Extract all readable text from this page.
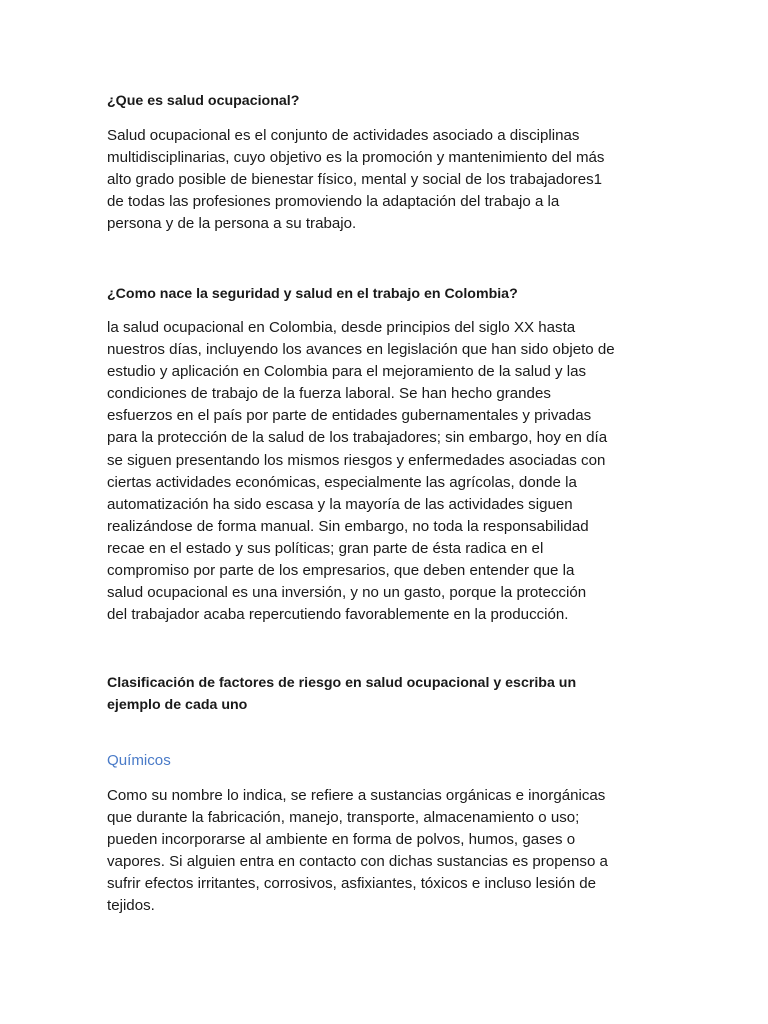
¿Que es salud ocupacional?

Salud ocupacional es el conjunto de actividades asociado a disciplinas
multidisciplinarias, cuyo objetivo es la promoción y mantenimiento del más
alto grado posible de bienestar físico, mental y social de los trabajadores1
de todas las profesiones promoviendo la adaptación del trabajo a la
persona y de la persona a su trabajo.

¿Como nace la seguridad y salud en el trabajo en Colombia?

la salud ocupacional en Colombia, desde principios del siglo XX hasta
nuestros días, incluyendo los avances en legislación que han sido objeto de
estudio y aplicación en Colombia para el mejoramiento de la salud y las
condiciones de trabajo de la fuerza laboral. Se han hecho grandes
esfuerzos en el país por parte de entidades gubernamentales y privadas
para la protección de la salud de los trabajadores; sin embargo, hoy en día
se siguen presentando los mismos riesgos y enfermedades asociadas con
ciertas actividades económicas, especialmente las agrícolas, donde la
automatización ha sido escasa y la mayoría de las actividades siguen
realizándose de forma manual. Sin embargo, no toda la responsabilidad
recae en el estado y sus políticas; gran parte de ésta radica en el
compromiso por parte de los empresarios, que deben entender que la
salud ocupacional es una inversión, y no un gasto, porque la protección
del trabajador acaba repercutiendo favorablemente en la producción.

Clasificación de factores de riesgo en salud ocupacional y escriba un
ejemplo de cada uno
Químicos

Como su nombre lo indica, se refiere a sustancias orgánicas e inorgánicas
que durante la fabricación, manejo, transporte, almacenamiento o uso;
pueden incorporarse al ambiente en forma de polvos, humos, gases o
vapores. Si alguien entra en contacto con dichas sustancias es propenso a
sufrir efectos irritantes, corrosivos, asfixiantes, tóxicos e incluso lesión de
tejidos.
